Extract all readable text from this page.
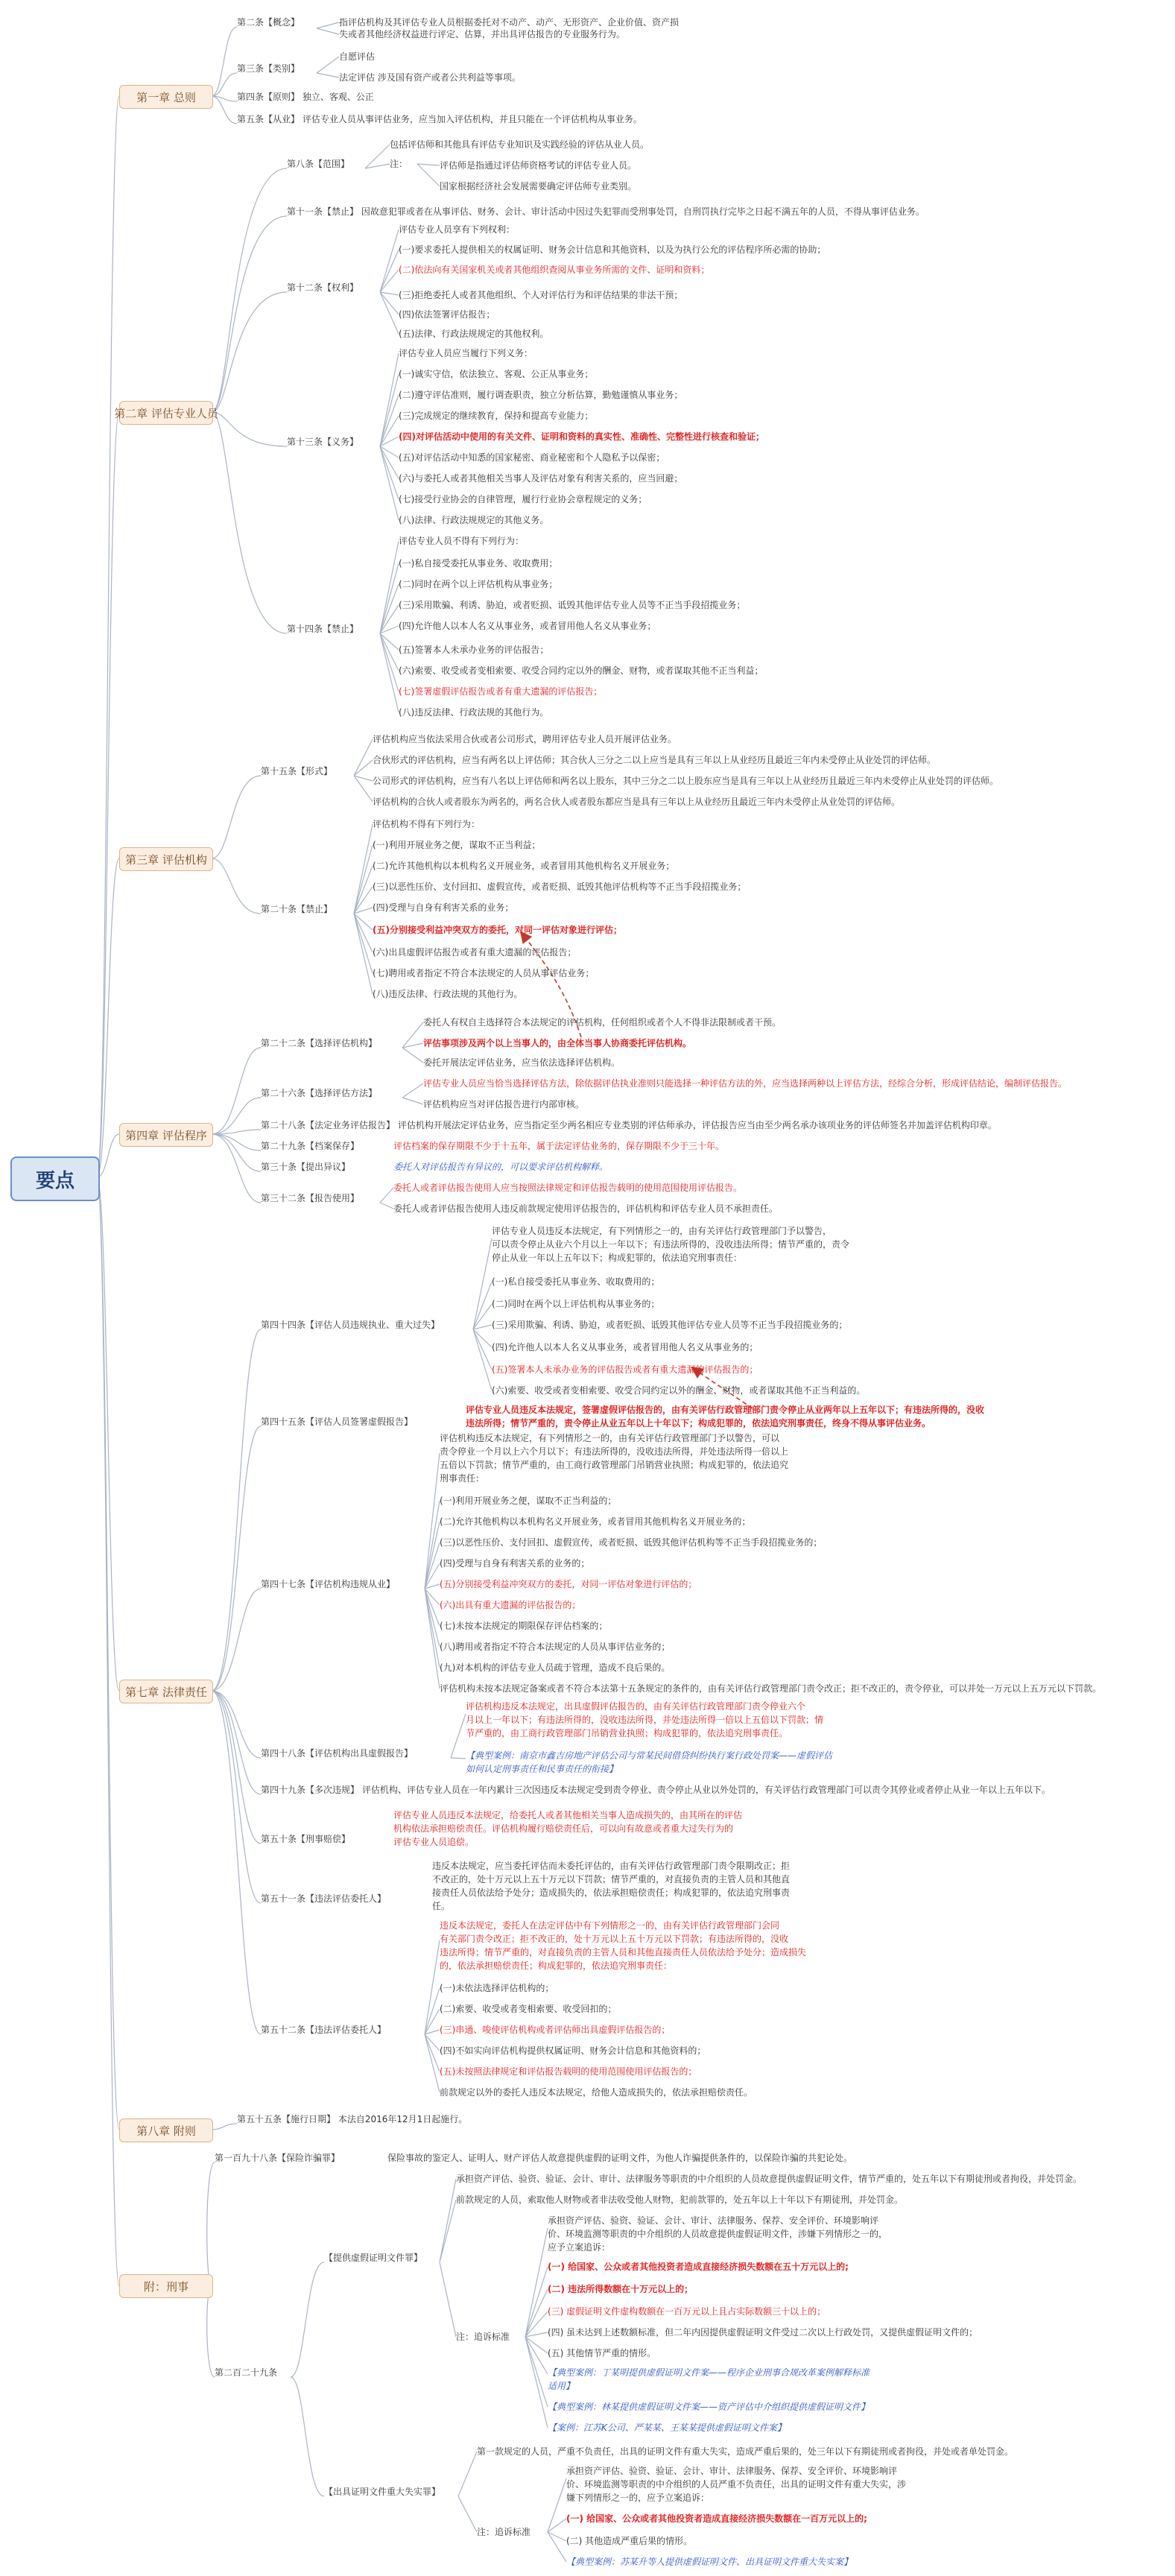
要点
第一章 总则
第二章 评估专业人员
第三章 评估机构
第四章 评估程序
第七章 法律责任
第八章 附则
附：刑事
第二条【概念】	指评估机构及其评估专业人员根据委托对不动产、动产、无形资产、企业价值、资产损
失或者其他经济权益进行评定、估算，并出具评估报告的专业服务行为。
第三条【类别】
自愿评估
法定评估 涉及国有资产或者公共利益等事项。
第四条【原则】 独立、客观、公正
第五条【从业】 评估专业人员从事评估业务，应当加入评估机构，并且只能在一个评估机构从事业务。
第八条【范围】
包括评估师和其他具有评估专业知识及实践经验的评估从业人员。
注：	评估师是指通过评估师资格考试的评估专业人员。
国家根据经济社会发展需要确定评估师专业类别。
第十一条【禁止】 因故意犯罪或者在从事评估、财务、会计、审计活动中因过失犯罪而受刑事处罚，自刑罚执行完毕之日起不满五年的人员，不得从事评估业务。
第十二条【权利】
评估专业人员享有下列权利：
(一)要求委托人提供相关的权属证明、财务会计信息和其他资料，以及为执行公允的评估程序所必需的协助；
(二)依法向有关国家机关或者其他组织查阅从事业务所需的文件、证明和资料；
(三)拒绝委托人或者其他组织、个人对评估行为和评估结果的非法干预；
(四)依法签署评估报告；
(五)法律、行政法规规定的其他权利。
第十三条【义务】
评估专业人员应当履行下列义务：
(一)诚实守信，依法独立、客观、公正从事业务；
(二)遵守评估准则，履行调查职责，独立分析估算，勤勉谨慎从事业务；
(三)完成规定的继续教育，保持和提高专业能力；
(四)对评估活动中使用的有关文件、证明和资料的真实性、准确性、完整性进行核查和验证；
(五)对评估活动中知悉的国家秘密、商业秘密和个人隐私予以保密；
(六)与委托人或者其他相关当事人及评估对象有利害关系的，应当回避；
(七)接受行业协会的自律管理，履行行业协会章程规定的义务；
(八)法律、行政法规规定的其他义务。
第十四条【禁止】
评估专业人员不得有下列行为：
(一)私自接受委托从事业务、收取费用；
(二)同时在两个以上评估机构从事业务；
(三)采用欺骗、利诱、胁迫，或者贬损、诋毁其他评估专业人员等不正当手段招揽业务；
(四)允许他人以本人名义从事业务，或者冒用他人名义从事业务；
(五)签署本人未承办业务的评估报告；
(六)索要、收受或者变相索要、收受合同约定以外的酬金、财物，或者谋取其他不正当利益；
(七)签署虚假评估报告或者有重大遗漏的评估报告；
(八)违反法律、行政法规的其他行为。
第十五条【形式】
评估机构应当依法采用合伙或者公司形式，聘用评估专业人员开展评估业务。
合伙形式的评估机构，应当有两名以上评估师；其合伙人三分之二以上应当是具有三年以上从业经历且最近三年内未受停止从业处罚的评估师。
公司形式的评估机构，应当有八名以上评估师和两名以上股东，其中三分之二以上股东应当是具有三年以上从业经历且最近三年内未受停止从业处罚的评估师。
评估机构的合伙人或者股东为两名的，两名合伙人或者股东都应当是具有三年以上从业经历且最近三年内未受停止从业处罚的评估师。
第二十条【禁止】
评估机构不得有下列行为：
(一)利用开展业务之便，谋取不正当利益；
(二)允许其他机构以本机构名义开展业务，或者冒用其他机构名义开展业务；
(三)以恶性压价、支付回扣、虚假宣传，或者贬损、诋毁其他评估机构等不正当手段招揽业务；
(四)受理与自身有利害关系的业务；
(五)分别接受利益冲突双方的委托，对同一评估对象进行评估；
(六)出具虚假评估报告或者有重大遗漏的评估报告；
(七)聘用或者指定不符合本法规定的人员从事评估业务；
(八)违反法律、行政法规的其他行为。
第二十二条【选择评估机构】
委托人有权自主选择符合本法规定的评估机构，任何组织或者个人不得非法限制或者干预。
评估事项涉及两个以上当事人的，由全体当事人协商委托评估机构。
委托开展法定评估业务，应当依法选择评估机构。
第二十六条【选择评估方法】
评估专业人员应当恰当选择评估方法，除依据评估执业准则只能选择一种评估方法的外，应当选择两种以上评估方法，经综合分析，形成评估结论，编制评估报告。
评估机构应当对评估报告进行内部审核。
第二十八条【法定业务评估报告】 评估机构开展法定评估业务，应当指定至少两名相应专业类别的评估师承办，评估报告应当由至少两名承办该项业务的评估师签名并加盖评估机构印章。
第二十九条【档案保存】	评估档案的保存期限不少于十五年，属于法定评估业务的，保存期限不少于三十年。
第三十条【提出异议】	委托人对评估报告有异议的，可以要求评估机构解释。
第三十二条【报告使用】
委托人或者评估报告使用人应当按照法律规定和评估报告载明的使用范围使用评估报告。
委托人或者评估报告使用人违反前款规定使用评估报告的，评估机构和评估专业人员不承担责任。
第四十四条【评估人员违规执业、重大过失】
评估专业人员违反本法规定，有下列情形之一的，由有关评估行政管理部门予以警告，
可以责令停止从业六个月以上一年以下；有违法所得的，没收违法所得；情节严重的，责令
停止从业一年以上五年以下；构成犯罪的，依法追究刑事责任：
(一)私自接受委托从事业务、收取费用的；
(二)同时在两个以上评估机构从事业务的；
(三)采用欺骗、利诱、胁迫，或者贬损、诋毁其他评估专业人员等不正当手段招揽业务的；
(四)允许他人以本人名义从事业务，或者冒用他人名义从事业务的；
(五)签署本人未承办业务的评估报告或者有重大遗漏的评估报告的；
(六)索要、收受或者变相索要、收受合同约定以外的酬金、财物，或者谋取其他不正当利益的。
第四十五条【评估人员签署虚假报告】
评估专业人员违反本法规定，签署虚假评估报告的，由有关评估行政管理部门责令停止从业两年以上五年以下；有违法所得的，没收
违法所得；情节严重的，责令停止从业五年以上十年以下；构成犯罪的，依法追究刑事责任，终身不得从事评估业务。
第四十七条【评估机构违规从业】
评估机构违反本法规定，有下列情形之一的，由有关评估行政管理部门予以警告，可以
责令停业一个月以上六个月以下；有违法所得的，没收违法所得，并处违法所得一倍以上
五倍以下罚款；情节严重的，由工商行政管理部门吊销营业执照；构成犯罪的，依法追究
刑事责任：
(一)利用开展业务之便，谋取不正当利益的；
(二)允许其他机构以本机构名义开展业务，或者冒用其他机构名义开展业务的；
(三)以恶性压价、支付回扣、虚假宣传，或者贬损、诋毁其他评估机构等不正当手段招揽业务的；
(四)受理与自身有利害关系的业务的；
(五)分别接受利益冲突双方的委托，对同一评估对象进行评估的；
(六)出具有重大遗漏的评估报告的；
(七)未按本法规定的期限保存评估档案的；
(八)聘用或者指定不符合本法规定的人员从事评估业务的；
(九)对本机构的评估专业人员疏于管理，造成不良后果的。
评估机构未按本法规定备案或者不符合本法第十五条规定的条件的，由有关评估行政管理部门责令改正；拒不改正的，责令停业，可以并处一万元以上五万元以下罚款。
第四十八条【评估机构出具虚假报告】
评估机构违反本法规定，出具虚假评估报告的，由有关评估行政管理部门责令停业六个
月以上一年以下；有违法所得的，没收违法所得，并处违法所得一倍以上五倍以下罚款；情
节严重的，由工商行政管理部门吊销营业执照；构成犯罪的，依法追究刑事责任。
【典型案例：南京市鑫吉房地产评估公司与常某民间借贷纠纷执行案行政处罚案——虚假评估
如何认定刑事责任和民事责任的衔接】
第四十九条【多次违规】 评估机构、评估专业人员在一年内累计三次因违反本法规定受到责令停业、责令停止从业以外处罚的，有关评估行政管理部门可以责令其停业或者停止从业一年以上五年以下。
第五十条【刑事赔偿】
评估专业人员违反本法规定，给委托人或者其他相关当事人造成损失的，由其所在的评估
机构依法承担赔偿责任。评估机构履行赔偿责任后，可以向有故意或者重大过失行为的
评估专业人员追偿。
第五十一条【违法评估委托人】
违反本法规定，应当委托评估而未委托评估的，由有关评估行政管理部门责令限期改正；拒
不改正的，处十万元以上五十万元以下罚款；情节严重的，对直接负责的主管人员和其他直
接责任人员依法给予处分；造成损失的，依法承担赔偿责任；构成犯罪的，依法追究刑事责
任。
第五十二条【违法评估委托人】
违反本法规定，委托人在法定评估中有下列情形之一的，由有关评估行政管理部门会同
有关部门责令改正；拒不改正的，处十万元以上五十万元以下罚款；有违法所得的，没收
违法所得；情节严重的，对直接负责的主管人员和其他直接责任人员依法给予处分；造成损失
的，依法承担赔偿责任；构成犯罪的，依法追究刑事责任：
(一)未依法选择评估机构的；
(二)索要、收受或者变相索要、收受回扣的；
(三)串通、唆使评估机构或者评估师出具虚假评估报告的；
(四)不如实向评估机构提供权属证明、财务会计信息和其他资料的；
(五)未按照法律规定和评估报告载明的使用范围使用评估报告的；
前款规定以外的委托人违反本法规定，给他人造成损失的，依法承担赔偿责任。
第五十五条【施行日期】 本法自2016年12月1日起施行。
第一百九十八条【保险诈骗罪】	保险事故的鉴定人、证明人、财产评估人故意提供虚假的证明文件，为他人诈骗提供条件的，以保险诈骗的共犯论处。
第二百二十九条
【提供虚假证明文件罪】
承担资产评估、验资、验证、会计、审计、法律服务等职责的中介组织的人员故意提供虚假证明文件，情节严重的，处五年以下有期徒刑或者拘役，并处罚金。
前款规定的人员，索取他人财物或者非法收受他人财物，犯前款罪的，处五年以上十年以下有期徒刑，并处罚金。
承担资产评估、验资、验证、会计、审计、法律服务、保荐、安全评价、环境影响评
价、环境监测等职责的中介组织的人员故意提供虚假证明文件，涉嫌下列情形之一的，
应予立案追诉：
注：追诉标准
(一) 给国家、公众或者其他投资者造成直接经济损失数额在五十万元以上的;
(二) 违法所得数额在十万元以上的；
(三) 虚假证明文件虚构数额在一百万元以上且占实际数额三十以上的；
(四) 虽未达到上述数额标准，但二年内因提供虚假证明文件受过二次以上行政处罚，又提供虚假证明文件的；
(五) 其他情节严重的情形。
【典型案例：丁某明提供虚假证明文件案——程序企业刑事合规改革案例解释标准
适用】
【典型案例：林某提供虚假证明文件案——资产评估中介组织提供虚假证明文件】
【案例：江苏K公司、严某某、王某某提供虚假证明文件案】
【出具证明文件重大失实罪】
第一款规定的人员，严重不负责任，出具的证明文件有重大失实，造成严重后果的，处三年以下有期徒刑或者拘役，并处或者单处罚金。
承担资产评估、验资、验证、会计、审计、法律服务、保荐、安全评价、环境影响评
价、环境监测等职责的中介组织的人员严重不负责任，出具的证明文件有重大失实，涉
嫌下列情形之一的，应予立案追诉：
注：追诉标准
(一) 给国家、公众或者其他投资者造成直接经济损失数额在一百万元以上的;
(二) 其他造成严重后果的情形。
【典型案例：苏某升等人提供虚假证明文件、出具证明文件重大失实案】
